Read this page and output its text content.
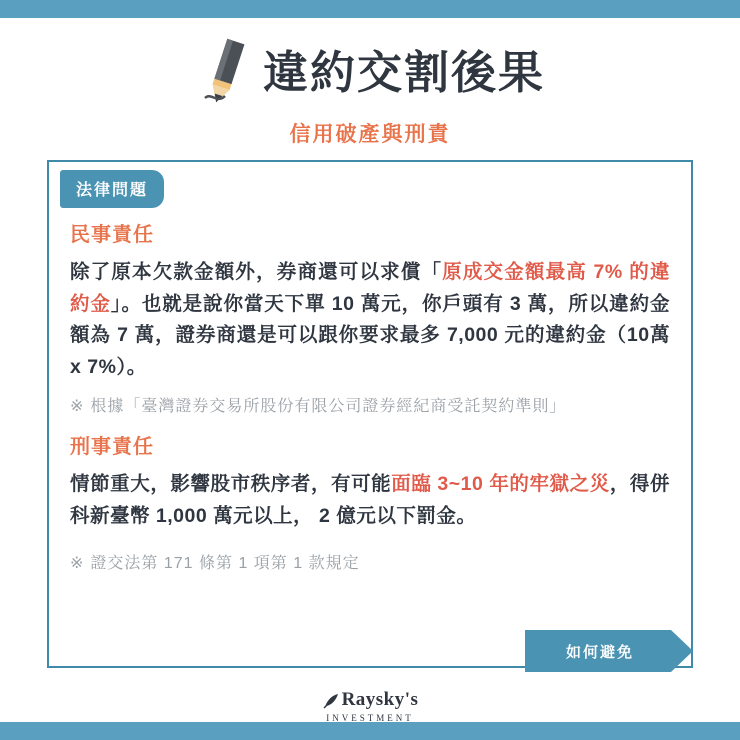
違約交割後果
信用破產與刑責
法律問題
民事責任

除了原本欠款金額外，券商還可以求償「原成交金額最高 7% 的違約金」。也就是說你當天下單 10 萬元，你戶頭有 3 萬，所以違約金額為 7 萬，證券商還是可以跟你要求最多 7,000 元的違約金（10萬 x 7%）。

※ 根據「臺灣證券交易所股份有限公司證券經紀商受託契約準則」

刑事責任

情節重大，影響股市秩序者，有可能面臨 3~10 年的牢獄之災，得併科新臺幣 1,000 萬元以上， 2 億元以下罰金。

※ 證交法第 171 條第 1 項第 1 款規定

如何避免
Raysky's
INVESTMENT
